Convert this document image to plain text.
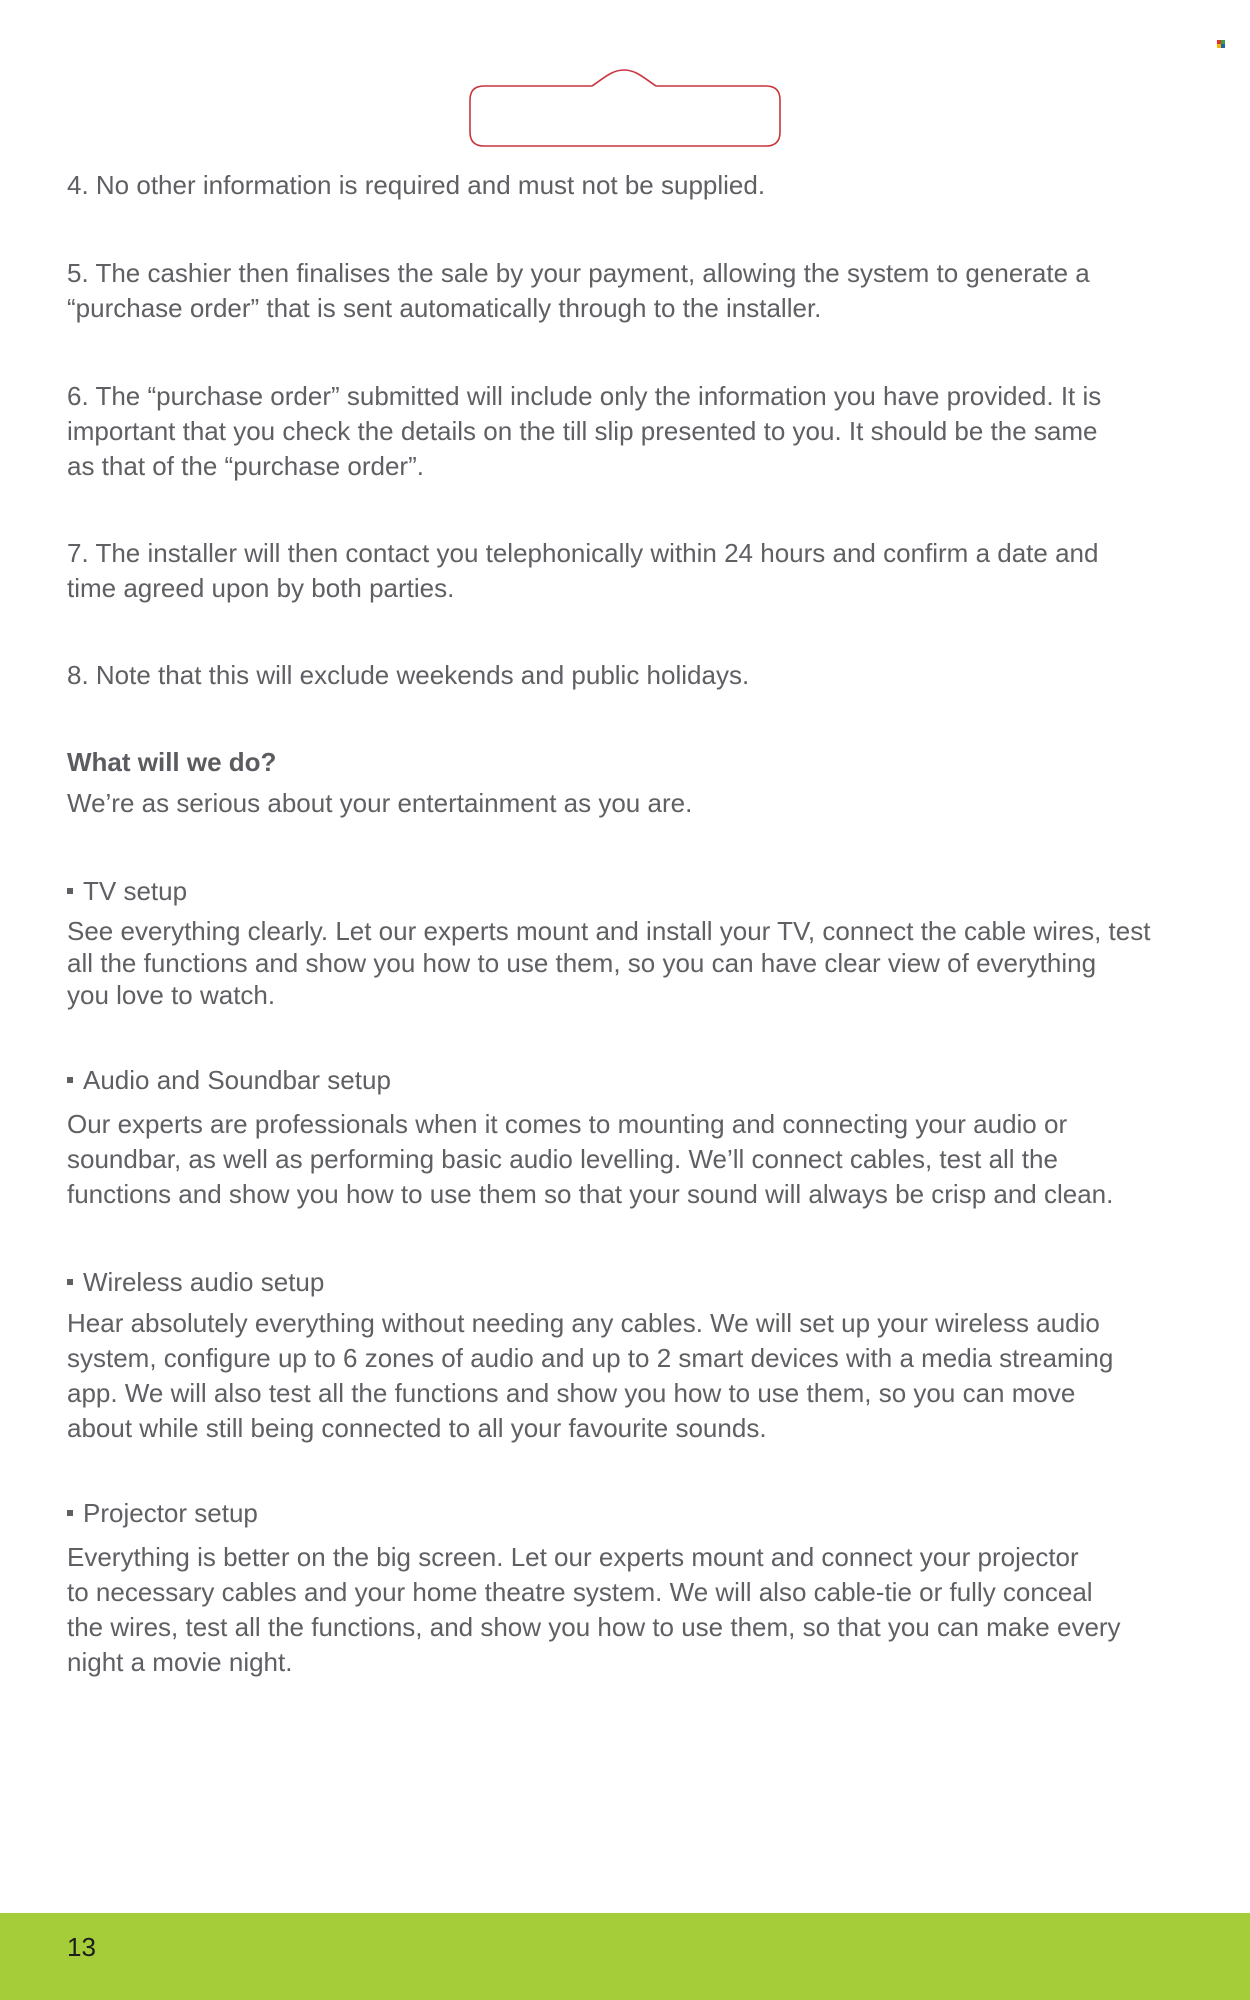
4. No other information is required and must not be supplied.
5. The cashier then finalises the sale by your payment, allowing the system to generate a
“purchase order” that is sent automatically through to the installer.
6. The “purchase order” submitted will include only the information you have provided. It is
important that you check the details on the till slip presented to you. It should be the same
as that of the “purchase order”.
7. The installer will then contact you telephonically within 24 hours and confirm a date and
time agreed upon by both parties.
8. Note that this will exclude weekends and public holidays.
What will we do?
We’re as serious about your entertainment as you are.
TV setup
See everything clearly. Let our experts mount and install your TV, connect the cable wires, test
all the functions and show you how to use them, so you can have clear view of everything
you love to watch.
Audio and Soundbar setup
Our experts are professionals when it comes to mounting and connecting your audio or
soundbar, as well as performing basic audio levelling. We’ll connect cables, test all the
functions and show you how to use them so that your sound will always be crisp and clean.
Wireless audio setup
Hear absolutely everything without needing any cables. We will set up your wireless audio
system, configure up to 6 zones of audio and up to 2 smart devices with a media streaming
app. We will also test all the functions and show you how to use them, so you can move
about while still being connected to all your favourite sounds.
Projector setup
Everything is better on the big screen. Let our experts mount and connect your projector
to necessary cables and your home theatre system. We will also cable-tie or fully conceal
the wires, test all the functions, and show you how to use them, so that you can make every
night a movie night.
13
